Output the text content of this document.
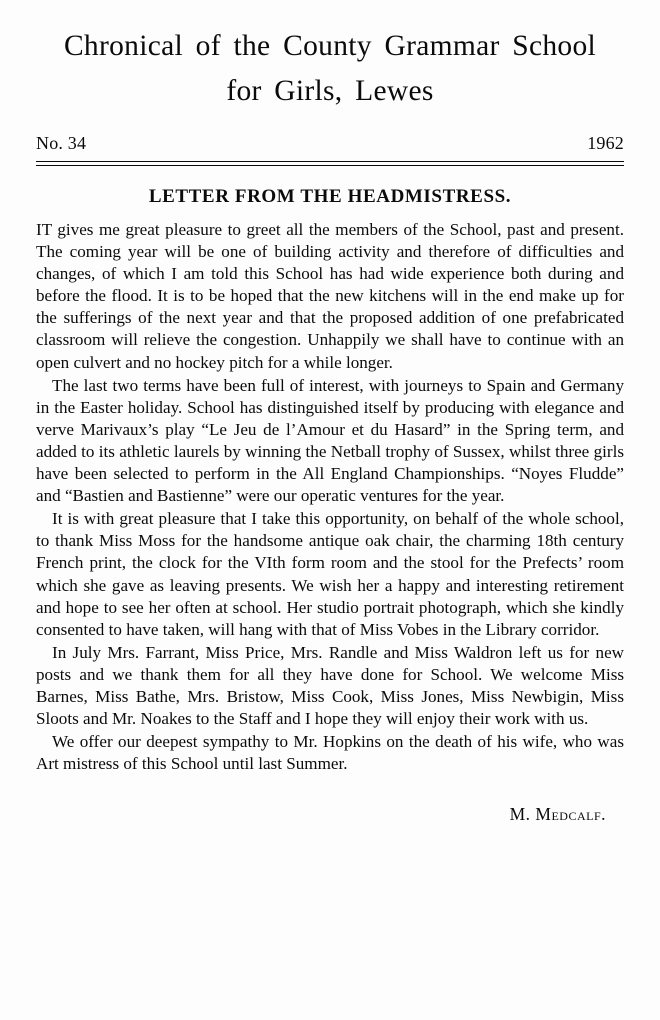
Chronical of the County Grammar School
for Girls, Lewes
No. 34	1962
LETTER FROM THE HEADMISTRESS.

IT gives me great pleasure to greet all the members of the School, past and present. The coming year will be one of building activity and therefore of difficulties and changes, of which I am told this School has had wide experience both during and before the flood. It is to be hoped that the new kitchens will in the end make up for the sufferings of the next year and that the proposed addition of one prefabricated classroom will relieve the congestion. Unhappily we shall have to continue with an open culvert and no hockey pitch for a while longer.

The last two terms have been full of interest, with journeys to Spain and Germany in the Easter holiday. School has distinguished itself by producing with elegance and verve Marivaux’s play “Le Jeu de l’Amour et du Hasard” in the Spring term, and added to its athletic laurels by winning the Netball trophy of Sussex, whilst three girls have been selected to perform in the All England Championships. “Noyes Fludde” and “Bastien and Bastienne” were our operatic ventures for the year.

It is with great pleasure that I take this opportunity, on behalf of the whole school, to thank Miss Moss for the handsome antique oak chair, the charming 18th century French print, the clock for the VIth form room and the stool for the Prefects’ room which she gave as leaving presents. We wish her a happy and interesting retirement and hope to see her often at school. Her studio portrait photograph, which she kindly consented to have taken, will hang with that of Miss Vobes in the Library corridor.

In July Mrs. Farrant, Miss Price, Mrs. Randle and Miss Waldron left us for new posts and we thank them for all they have done for School. We welcome Miss Barnes, Miss Bathe, Mrs. Bristow, Miss Cook, Miss Jones, Miss Newbigin, Miss Sloots and Mr. Noakes to the Staff and I hope they will enjoy their work with us.

We offer our deepest sympathy to Mr. Hopkins on the death of his wife, who was Art mistress of this School until last Summer.

M. Medcalf.
